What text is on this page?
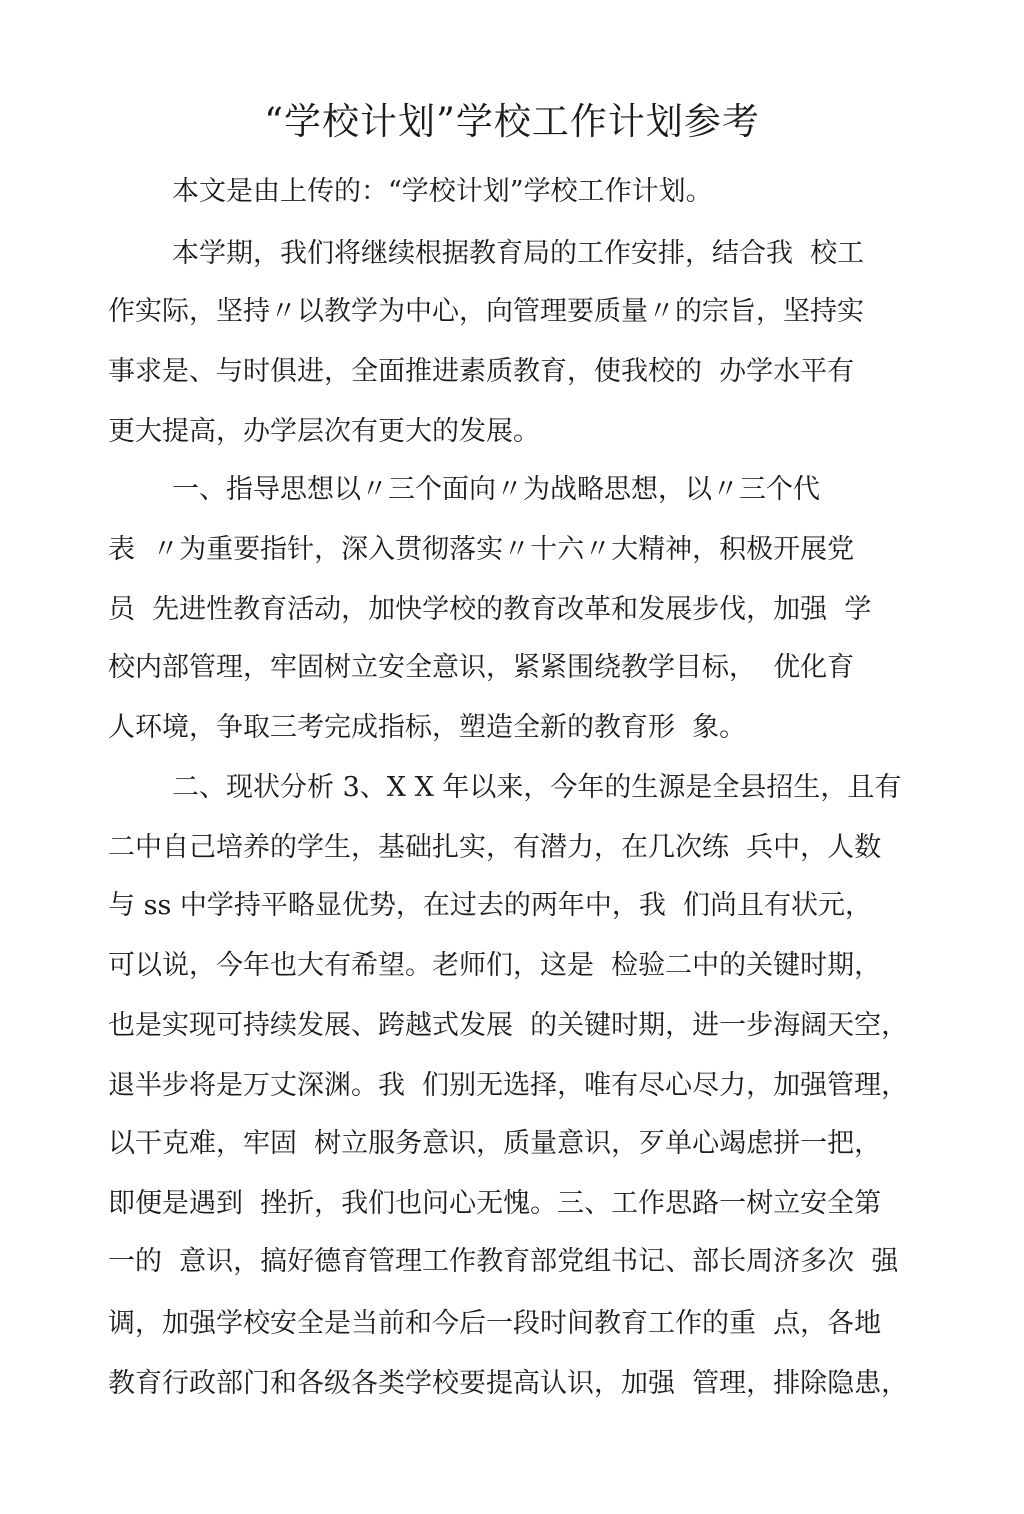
“学校计划”学校工作计划参考

本文是由上传的：“学校计划”学校工作计划。

本学期，我们将继续根据教育局的工作安排，结合我  校工

作实际，坚持〃以教学为中心，向管理要质量〃的宗旨，坚持实

事求是、与时俱进，全面推进素质教育，使我校的  办学水平有

更大提高，办学层次有更大的发展。

一、指导思想以〃三个面向〃为战略思想，以〃三个代

表  〃为重要指针，深入贯彻落实〃十六〃大精神，积极开展党

员  先进性教育活动，加快学校的教育改革和发展步伐，加强  学

校内部管理，牢固树立安全意识，紧紧围绕教学目标，  优化育

人环境，争取三考完成指标，塑造全新的教育形  象。

二、现状分析 3、X X 年以来，今年的生源是全县招生，且有

二中自己培养的学生，基础扎实，有潜力，在几次练  兵中，人数

与 ss 中学持平略显优势，在过去的两年中，我  们尚且有状元，

可以说，今年也大有希望。老师们，这是  检验二中的关键时期，

也是实现可持续发展、跨越式发展  的关键时期，进一步海阔天空，

退半步将是万丈深渊。我  们别无选择，唯有尽心尽力，加强管理，

以干克难，牢固  树立服务意识，质量意识，歹单心竭虑拼一把，

即便是遇到  挫折，我们也问心无愧。三、工作思路一树立安全第

一的  意识，搞好德育管理工作教育部党组书记、部长周济多次  强

调，加强学校安全是当前和今后一段时间教育工作的重  点，各地

教育行政部门和各级各类学校要提高认识，加强  管理，排除隐患，
